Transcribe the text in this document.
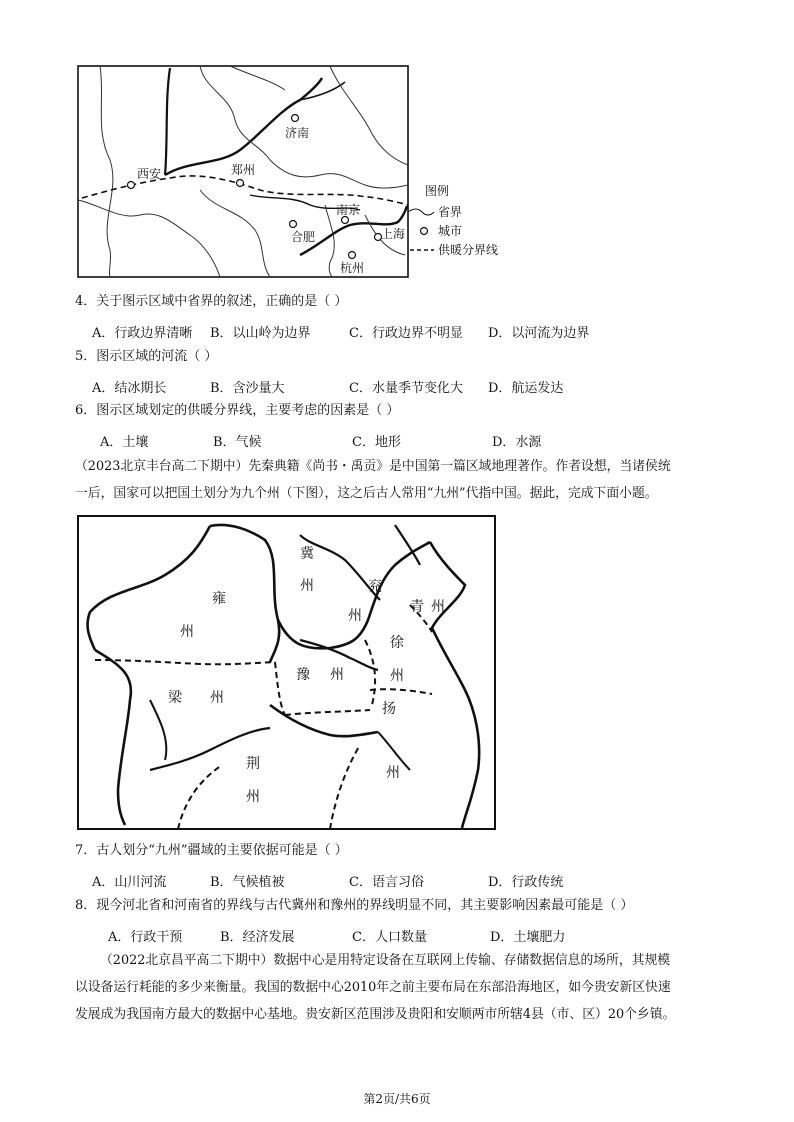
济南
西安	郑州
南京
合肥	上海
杭州
图例
省界
城市
供暖分界线
4．关于图示区域中省界的叙述，正确的是（ ）
A．行政边界清晰 B．以山岭为边界	C．行政边界不明显 D．以河流为边界
5．图示区域的河流（ ）
A．结冰期长	B．含沙量大	C．水量季节变化大 D．航运发达
6．图示区域划定的供暖分界线，主要考虑的因素是（ ）
A．土壤	B．气候	C．地形	D．水源
（2023北京丰台高二下期中）先秦典籍《尚书・禹贡》是中国第一篇区域地理著作。作者设想，当诸侯统
一后，国家可以把国土划分为九个州（下图），这之后古人常用“九州”代指中国。据此，完成下面小题。
冀
州	兖
州
青 州
雍
州
徐
州
豫 州
梁 州
扬
荆
州
州
7．古人划分“九州”疆域的主要依据可能是（ ）
A．山川河流	B．气候植被	C．语言习俗	D．行政传统
8．现今河北省和河南省的界线与古代冀州和豫州的界线明显不同，其主要影响因素最可能是（ ）
A．行政干预	B．经济发展	C．人口数量	D．土壤肥力
（2022北京昌平高二下期中）数据中心是用特定设备在互联网上传输、存储数据信息的场所，其规模
以设备运行耗能的多少来衡量。我国的数据中心2010年之前主要布局在东部沿海地区，如今贵安新区快速
发展成为我国南方最大的数据中心基地。贵安新区范围涉及贵阳和安顺两市所辖4县（市、区）20个乡镇。
第2页/共6页
